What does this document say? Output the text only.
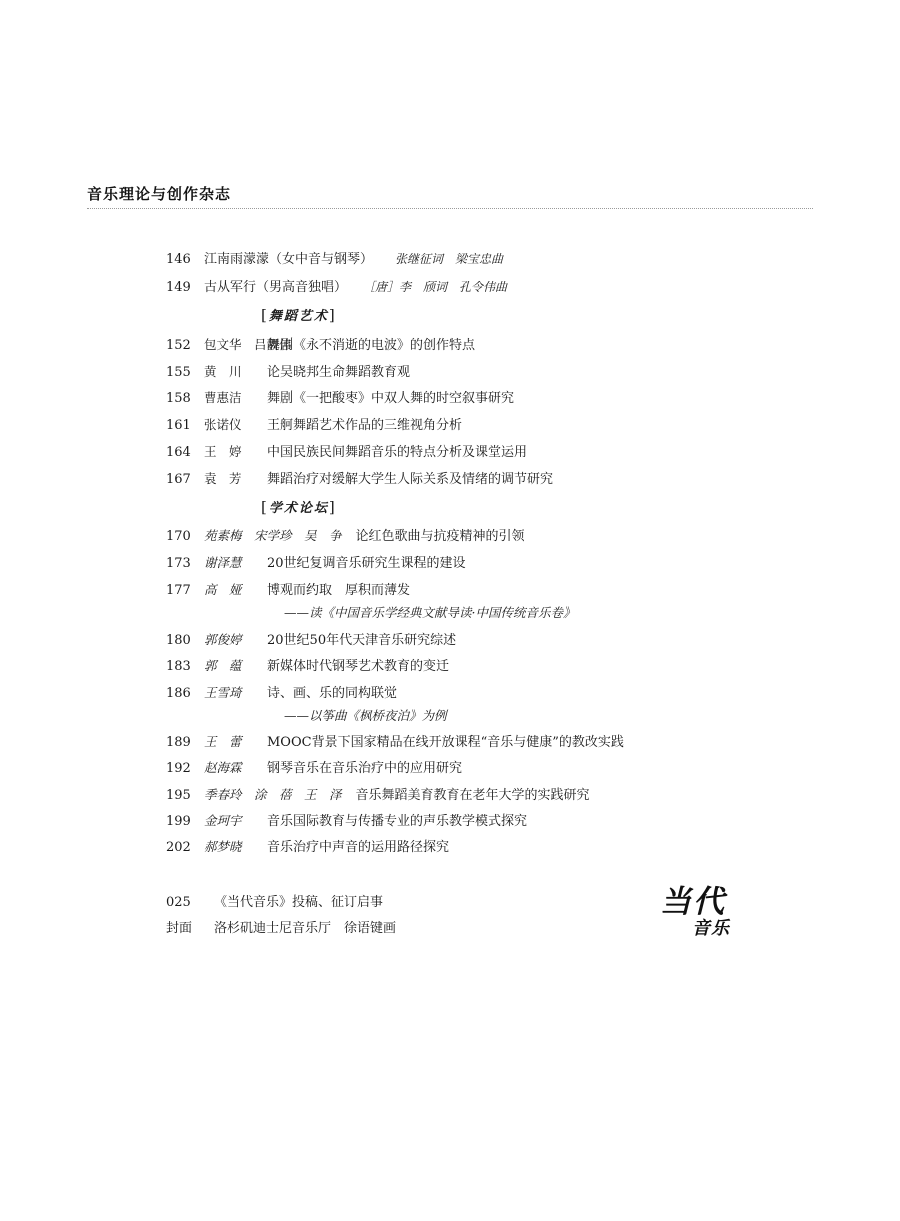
音乐理论与创作杂志
146 江南雨濛濛（女中音与钢琴） 张继征词　梁宝忠曲
149 古从军行（男高音独唱） ［唐］李　颀词　孔令伟曲
[舞蹈艺术]
152 包文华　吕靓伟舞剧《永不消逝的电波》的创作特点
155 黄　川 论吴晓邦生命舞蹈教育观
158 曹惠洁 舞剧《一把酸枣》中双人舞的时空叙事研究
161 张诺仪 王舸舞蹈艺术作品的三维视角分析
164 王　婷 中国民族民间舞蹈音乐的特点分析及课堂运用
167 袁　芳 舞蹈治疗对缓解大学生人际关系及情绪的调节研究
[学术论坛]
170 苑素梅　宋学珍　吴　争 论红色歌曲与抗疫精神的引领
173 谢泽慧 20世纪复调音乐研究生课程的建设
177 高　娅 博观而约取　厚积而薄发
——读《中国音乐学经典文献导读·中国传统音乐卷》
180 郭俊婷 20世纪50年代天津音乐研究综述
183 郭　蕴 新媒体时代钢琴艺术教育的变迁
186 王雪琦 诗、画、乐的同构联觉
——以筝曲《枫桥夜泊》为例
189 王　蕾 MOOC背景下国家精品在线开放课程“音乐与健康”的教改实践
192 赵海霖 钢琴音乐在音乐治疗中的应用研究
195 季春玲　涂　蓓　王　泽 音乐舞蹈美育教育在老年大学的实践研究
199 金珂宇 音乐国际教育与传播专业的声乐教学模式探究
202 郝梦晓 音乐治疗中声音的运用路径探究
025 《当代音乐》投稿、征订启事
封面 洛杉矶迪士尼音乐厅　徐语键画
当代
音乐
